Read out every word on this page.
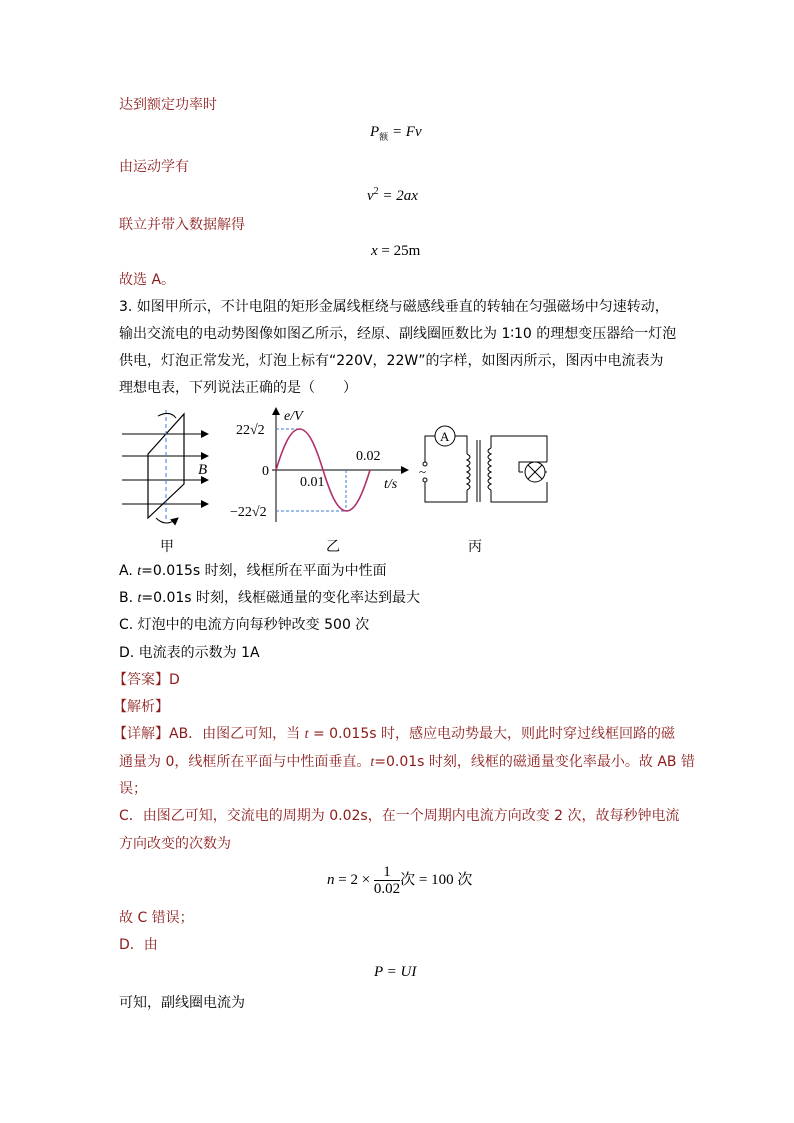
达到额定功率时
$P_额 = Fv$
由运动学有
$v^2 = 2ax$
联立并带入数据解得
x = 25m
故选 A。
3. 如图甲所示，不计电阻的矩形金属线框绕与磁感线垂直的转轴在匀强磁场中匀速转动，
输出交流电的电动势图像如图乙所示，经原、副线圈匝数比为 1∶10 的理想变压器给一灯泡
供电，灯泡正常发光，灯泡上标有“220V，22W”的字样，如图丙所示，图丙中电流表为
理想电表，下列说法正确的是（　　）
B
甲
e/V
22√2
0
−22√2
0.01
0.02
t/s
乙
A
~
丙
A. t=0.015s 时刻，线框所在平面为中性面
B. t=0.01s 时刻，线框磁通量的变化率达到最大
C. 灯泡中的电流方向每秒钟改变 500 次
D. 电流表的示数为 1A
【答案】D
【解析】
【详解】AB．由图乙可知，当 t = 0.015s 时，感应电动势最大，则此时穿过线框回路的磁
通量为 0，线框所在平面与中性面垂直。t=0.01s 时刻，线框的磁通量变化率最小。故 AB 错
误；
C．由图乙可知，交流电的周期为 0.02s，在一个周期内电流方向改变 2 次，故每秒钟电流
方向改变的次数为
$n = 2 \times \frac{1}{0.02}$ 次 = 100 次
故 C 错误；
D．由
P = UI
可知，副线圈电流为
